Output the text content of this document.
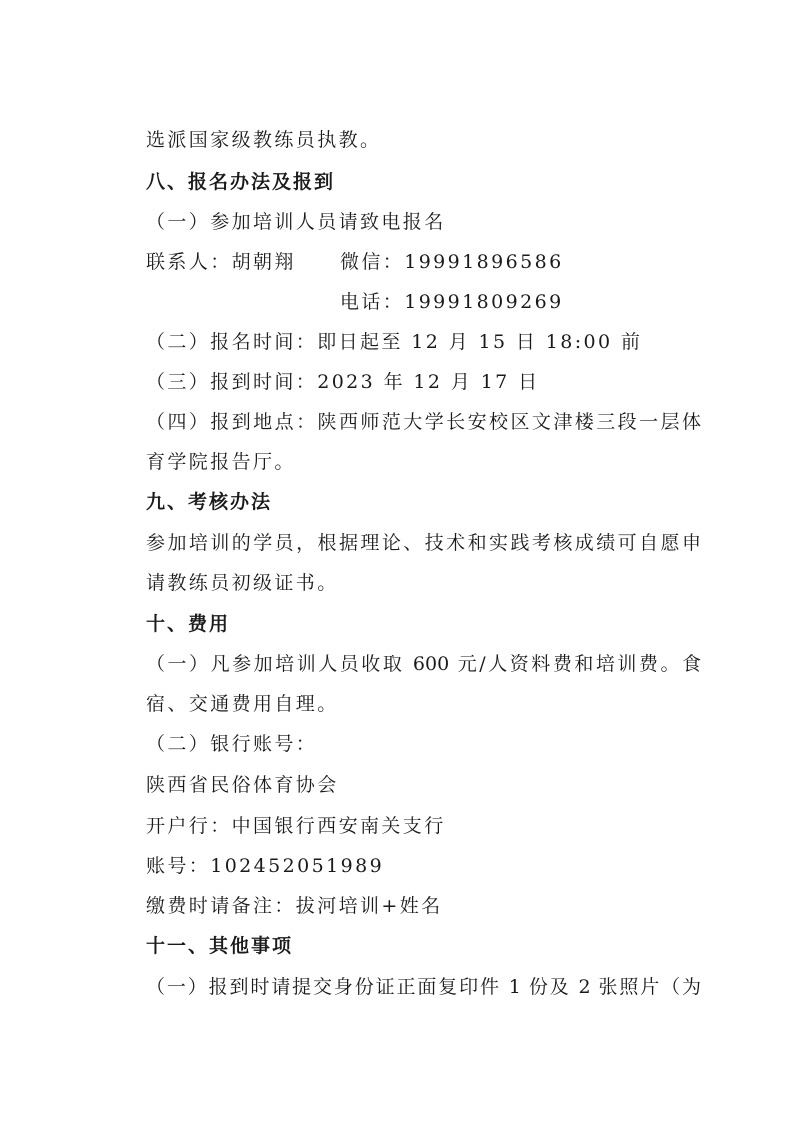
选派国家级教练员执教。
八、报名办法及报到
（一）参加培训人员请致电报名
联系人：胡朝翔 微信：19991896586
电话：19991809269
（二）报名时间：即日起至 12 月 15 日 18:00 前
（三）报到时间：2023 年 12 月 17 日
（四）报到地点：陕西师范大学长安校区文津楼三段一层体
育学院报告厅。
九、考核办法
参加培训的学员，根据理论、技术和实践考核成绩可自愿申
请教练员初级证书。
十、费用
（一）凡参加培训人员收取 600 元/人资料费和培训费。食
宿、交通费用自理。
（二）银行账号：
陕西省民俗体育协会
开户行：中国银行西安南关支行
账号：102452051989
缴费时请备注：拔河培训+姓名
十一、其他事项
（一）报到时请提交身份证正面复印件 1 份及 2 张照片（为
